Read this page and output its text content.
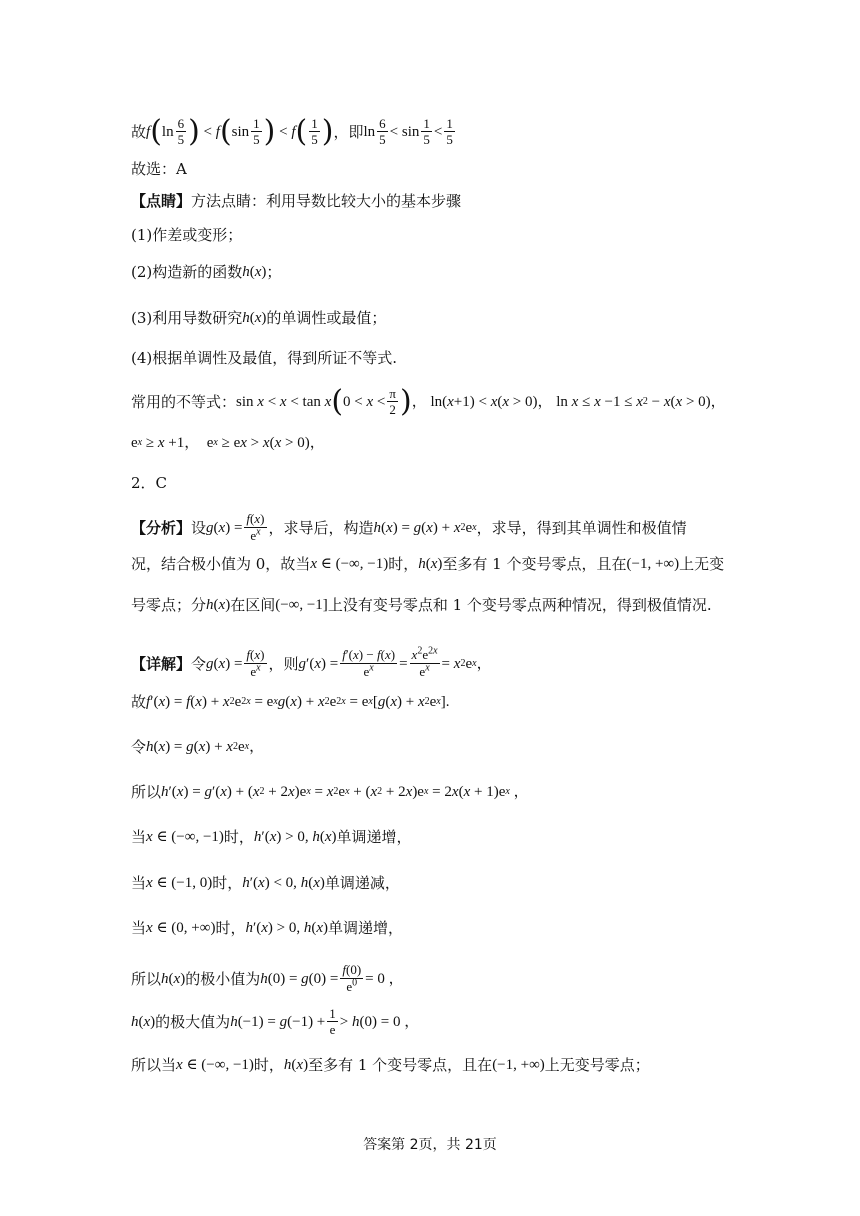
故 f ( $\ln \frac{6}{5}$ ) < f ( $\sin \frac{1}{5}$ ) < f ( $\frac{1}{5}$ ) ，即 $\ln \frac{6}{5} < \sin \frac{1}{5} < \frac{1}{5}$
故选：A
【点睛】 方法点睛：利用导数比较大小的基本步骤
(1)作差或变形；
(2)构造新的函数 h ( x ) ；
(3)利用导数研究 h ( x ) 的单调性或最值；
(4)根据单调性及最值，得到所证不等式.
常用的不等式： sin x < x < tan x ( $0 < x < \frac{\pi}{2}$ ) ， ln( x +1) < x ( x > 0)， ln x ≤ x −1 ≤ x 2 − x ( x > 0)，
e x ≥ x +1，  e x ≥ e x > x ( x > 0)，
2．C
【分析】 设 g ( x ) = $\frac{f(x)}{e^x}$ ，求导后，构造 h ( x ) = g ( x ) + x 2 e x ，求导，得到其单调性和极值情
况，结合极小值为 0，故当 x ∈ (−∞, −1) 时， h ( x ) 至多有 1 个变号零点，且在 (−1, +∞) 上无变
号零点；分 h ( x ) 在区间 (−∞, −1] 上没有变号零点和 1 个变号零点两种情况，得到极值情况.
【详解】 令 g ( x ) = $\frac{f(x)}{e^x}$ ，则 g ′( x ) = $\frac{f'(x) - f(x)}{e^x} = \frac{x^2e^{2x}}{e^x} = x$ 2 e x ，
故 f ′( x ) = f ( x ) + x 2 e 2x = e x g ( x ) + x 2 e 2x = e x [ g ( x ) + x 2 e x ].
令 h ( x ) = g ( x ) + x 2 e x ，
所以 h ′( x ) = g ′( x ) + ( x 2 + 2 x )e x = x 2 e x + ( x 2 + 2 x )e x = 2 x ( x + 1)e x ，
当 x ∈ (−∞, −1) 时， h ′( x ) > 0, h ( x ) 单调递增，
当 x ∈ (−1, 0) 时， h ′( x ) < 0, h ( x ) 单调递减，
当 x ∈ (0, +∞) 时， h ′( x ) > 0, h ( x ) 单调递增，
所以 h ( x ) 的极小值为 h (0) = g $(0) = \frac{f(0)}{e^0} = 0$ ，
h ( x ) 的极大值为 h (−1) = g $(-1) + \frac{1}{e} > h$ (0) = 0 ，
所以当 x ∈ (−∞, −1) 时， h ( x ) 至多有 1 个变号零点，且在 (−1, +∞) 上无变号零点；
答案第 2页，共 21页
